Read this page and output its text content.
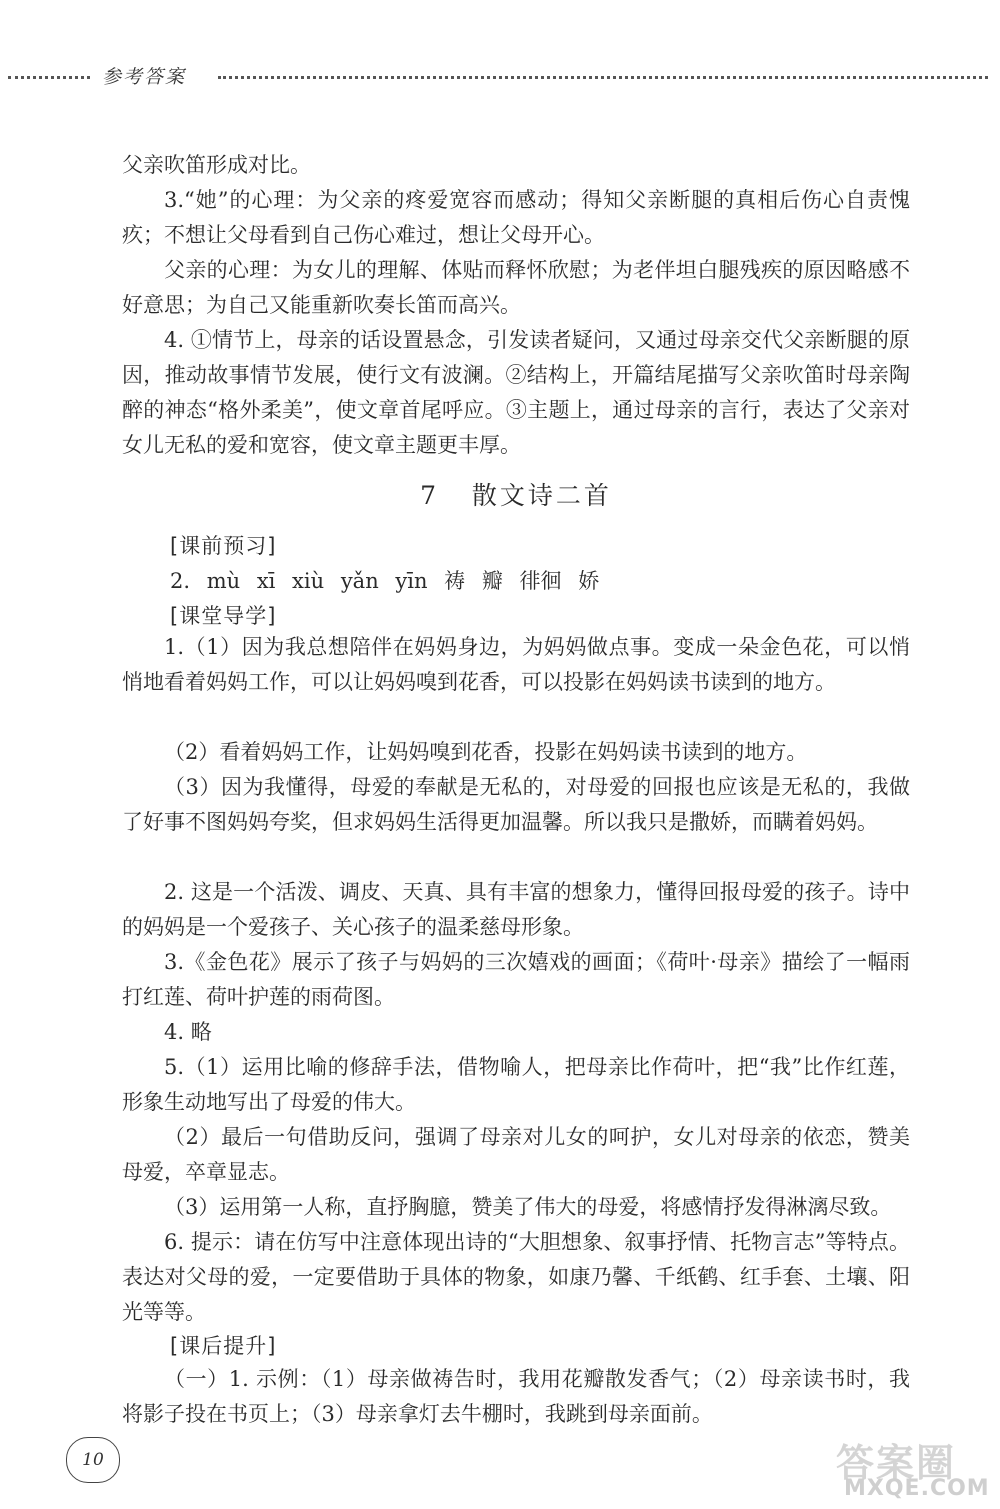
参考答案

父亲吹笛形成对比。

3.“她”的心理：为父亲的疼爱宽容而感动；得知父亲断腿的真相后伤心自责愧疚；不想让父母看到自己伤心难过，想让父母开心。

父亲的心理：为女儿的理解、体贴而释怀欣慰；为老伴坦白腿残疾的原因略感不好意思；为自己又能重新吹奏长笛而高兴。

4. ①情节上，母亲的话设置悬念，引发读者疑问，又通过母亲交代父亲断腿的原因，推动故事情节发展，使行文有波澜。②结构上，开篇结尾描写父亲吹笛时母亲陶醉的神态“格外柔美”，使文章首尾呼应。③主题上，通过母亲的言行，表达了父亲对女儿无私的爱和宽容，使文章主题更丰厚。

7 散文诗二首
[课前预习]
2. mù xī xiù yǎn yīn 祷 瓣 徘徊 娇
[课堂导学]

1.（1）因为我总想陪伴在妈妈身边，为妈妈做点事。变成一朵金色花，可以悄悄地看着妈妈工作，可以让妈妈嗅到花香，可以投影在妈妈读书读到的地方。

（2）看着妈妈工作，让妈妈嗅到花香，投影在妈妈读书读到的地方。

（3）因为我懂得，母爱的奉献是无私的，对母爱的回报也应该是无私的，我做了好事不图妈妈夸奖，但求妈妈生活得更加温馨。所以我只是撒娇，而瞒着妈妈。

2. 这是一个活泼、调皮、天真、具有丰富的想象力，懂得回报母爱的孩子。诗中的妈妈是一个爱孩子、关心孩子的温柔慈母形象。

3.《金色花》展示了孩子与妈妈的三次嬉戏的画面；《荷叶·母亲》描绘了一幅雨打红莲、荷叶护莲的雨荷图。

4. 略

5.（1）运用比喻的修辞手法，借物喻人，把母亲比作荷叶，把“我”比作红莲，形象生动地写出了母爱的伟大。

（2）最后一句借助反问，强调了母亲对儿女的呵护，女儿对母亲的依恋，赞美母爱，卒章显志。

（3）运用第一人称，直抒胸臆，赞美了伟大的母爱，将感情抒发得淋漓尽致。

6. 提示：请在仿写中注意体现出诗的“大胆想象、叙事抒情、托物言志”等特点。表达对父母的爱，一定要借助于具体的物象，如康乃馨、千纸鹤、红手套、土壤、阳光等等。

[课后提升]

（一）1. 示例：（1）母亲做祷告时，我用花瓣散发香气；（2）母亲读书时，我将影子投在书页上；（3）母亲拿灯去牛棚时，我跳到母亲面前。

10	答案圈
MXQE.COM
